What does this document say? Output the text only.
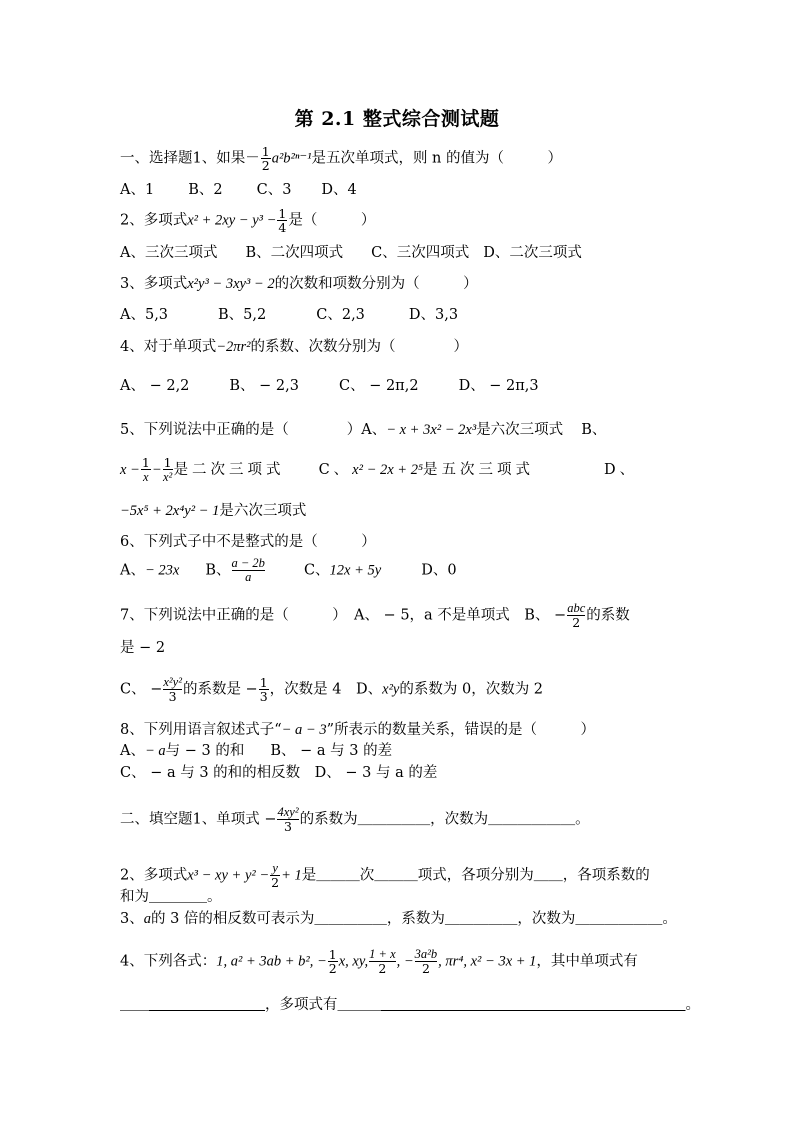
第 2.1 整式综合测试题
一、选择题1、如果－ $\frac{1}{2} a^2b^{2n-1}$是五次单项式，则 n 的值为（　　　）
A、1 B、2 C、3 D、4
2、多项式$x^2 + 2xy - y^3 - \frac{1}{4}$ 是（　　　）
A、三次三项式 B、二次四项式 C、三次四项式 D、二次三项式
3、多项式x²y³ − 3xy³ − 2的次数和项数分别为（　　　）
A、5,3	B、5,2	C、2,3	D、3,3
4、对于单项式−2πr²的系数、次数分别为（　　　　）
A、 − 2,2	B、 − 2,3	C、 − 2π,2	D、 − 2π,3
5、下列说法中正确的是（　　　　）A、− x + 3x² − 2x³是六次三项式 B、
$x - \frac{1}{x}- \frac{1}{\text{x²}}$是二次三项式 C、x² − 2x + 2⁵是五次三项式	D、
−5x⁵ + 2x⁴y² − 1是六次三项式
6、下列式子中不是整式的是（　　　）
A、− 23x B、 $\frac{a - 2b}{a}$	C、12x + 5y	D、0
7、下列说法中正确的是（　　　）　A、 − 5，a 不是单项式　B、 − $\frac{\text{abc}}{2}$ 的系数
是 − 2
C、 − $\frac{\text{x²y²}}{3}$ 的系数是 − $\frac{1}{3}$ ，次数是 4　D、x²y的系数为 0，次数为 2
8、下列用语言叙述式子“− a − 3”所表示的数量关系，错误的是（　　　）
A、− a与 − 3 的和 B、 − a 与 3 的差
C、 − a 与 3 的和的相反数　D、 − 3 与 a 的差
二、填空题1、单项式 − $\frac{\text{4xy²}}{3}$ 的系数为＿＿＿＿＿，次数为＿＿＿＿＿＿。
2、多项式x³ − xy + $y^2 - \frac{y}{2} + 1$是＿＿＿次＿＿＿项式，各项分别为＿＿，各项系数的
和为＿＿＿＿。
3、a的 3 倍的相反数可表示为＿＿＿＿＿，系数为＿＿＿＿＿，次数为＿＿＿＿＿＿。
4、下列各式：1, a² + 3ab + b², − $\frac{1}{2} x$, xy, $\frac{1 + x}{2}$ , − $\frac{\text{3a²b}}{2}$ , πr⁴, x² − 3x + 1，其中单项式有
＿＿　　　　　　　　	，多项式有＿＿＿　　　　　　　　　　　　　　　　　　　　　	。
